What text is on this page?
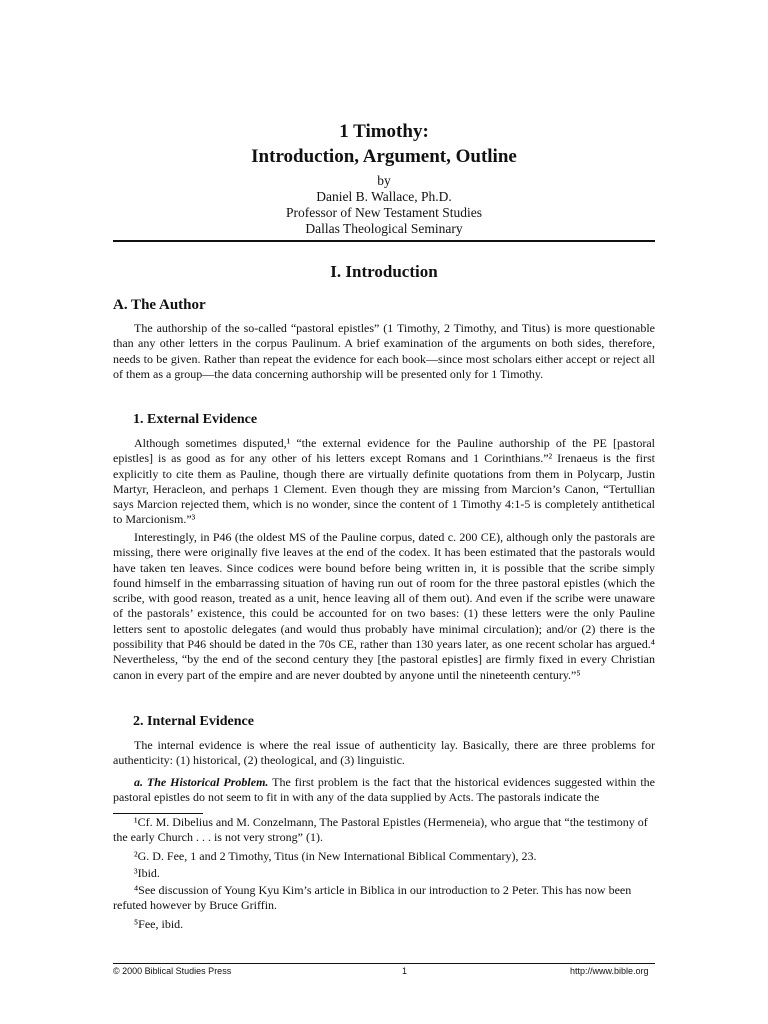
1 Timothy:
Introduction, Argument, Outline
by
Daniel B. Wallace, Ph.D.
Professor of New Testament Studies
Dallas Theological Seminary
I. Introduction
A. The Author
The authorship of the so-called “pastoral epistles” (1 Timothy, 2 Timothy, and Titus) is more questionable than any other letters in the corpus Paulinum. A brief examination of the arguments on both sides, therefore, needs to be given. Rather than repeat the evidence for each book—since most scholars either accept or reject all of them as a group—the data concerning authorship will be presented only for 1 Timothy.
1. External Evidence
Although sometimes disputed,¹ “the external evidence for the Pauline authorship of the PE [pastoral epistles] is as good as for any other of his letters except Romans and 1 Corinthians.”² Irenaeus is the first explicitly to cite them as Pauline, though there are virtually definite quotations from them in Polycarp, Justin Martyr, Heracleon, and perhaps 1 Clement. Even though they are missing from Marcion’s Canon, “Tertullian says Marcion rejected them, which is no wonder, since the content of 1 Timothy 4:1-5 is completely antithetical to Marcionism.”³
Interestingly, in P46 (the oldest MS of the Pauline corpus, dated c. 200 CE), although only the pastorals are missing, there were originally five leaves at the end of the codex. It has been estimated that the pastorals would have taken ten leaves. Since codices were bound before being written in, it is possible that the scribe simply found himself in the embarrassing situation of having run out of room for the three pastoral epistles (which the scribe, with good reason, treated as a unit, hence leaving all of them out). And even if the scribe were unaware of the pastorals’ existence, this could be accounted for on two bases: (1) these letters were the only Pauline letters sent to apostolic delegates (and would thus probably have minimal circulation); and/or (2) there is the possibility that P46 should be dated in the 70s CE, rather than 130 years later, as one recent scholar has argued.⁴ Nevertheless, “by the end of the second century they [the pastoral epistles] are firmly fixed in every Christian canon in every part of the empire and are never doubted by anyone until the nineteenth century.”⁵
2. Internal Evidence
The internal evidence is where the real issue of authenticity lay. Basically, there are three problems for authenticity: (1) historical, (2) theological, and (3) linguistic.
a. The Historical Problem. The first problem is the fact that the historical evidences suggested within the pastoral epistles do not seem to fit in with any of the data supplied by Acts. The pastorals indicate the
¹Cf. M. Dibelius and M. Conzelmann, The Pastoral Epistles (Hermeneia), who argue that “the testimony of the early Church . . . is not very strong” (1).
²G. D. Fee, 1 and 2 Timothy, Titus (in New International Biblical Commentary), 23.
³Ibid.
⁴See discussion of Young Kyu Kim’s article in Biblica in our introduction to 2 Peter. This has now been refuted however by Bruce Griffin.
⁵Fee, ibid.
© 2000 Biblical Studies Press	1	http://www.bible.org
